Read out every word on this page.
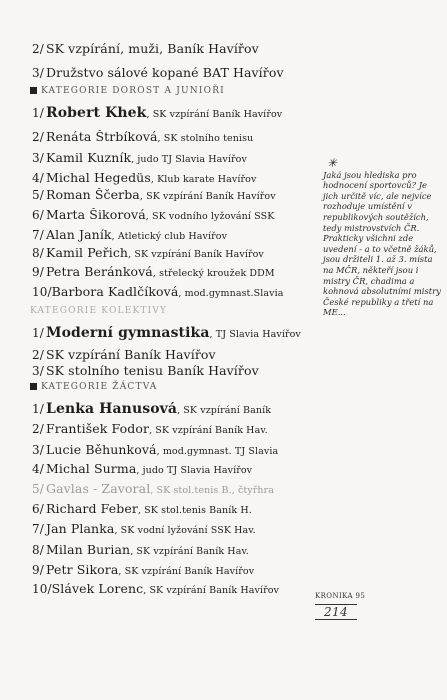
2/ SK vzpírání, muži, Baník Havířov
3/ Družstvo sálové kopané BAT Havířov
KATEGORIE DOROST A JUNIOŘI
1/ Robert Khek, SK vzpírání Baník Havířov
2/ Renáta Štrbíková, SK stolního tenisu
3/ Kamil Kuzník, judo TJ Slavia Havířov
4/ Michal Hegedüs, Klub karate Havířov
5/ Roman Ščerba, SK vzpírání Baník Havířov
6/ Marta Šikorová, SK vodního lyžování SSK
7/ Alan Janík, Atletický club Havířov
8/ Kamil Peřich, SK vzpírání Baník Havířov
9/ Petra Beránková, střelecký kroužek DDM
10/Barbora Kadlčíková, mod.gymnast.Slavia
KATEGORIE KOLEKTIVY
1/ Moderní gymnastika, TJ Slavia Havířov
2/ SK vzpírání Baník Havířov
3/ SK stolního tenisu Baník Havířov
KATEGORIE ŽÁCTVA
1/ Lenka Hanusová, SK vzpírání Baník
2/ František Fodor, SK vzpírání Baník Hav.
3/ Lucie Běhunková, mod.gymnast. TJ Slavia
4/ Michal Surma, judo TJ Slavia Havířov
5/ Gavlas - Zavoral, SK stol.tenis B., čtyřhra
6/ Richard Feber, SK stol.tenis Baník H.
7/ Jan Planka, SK vodní lyžování SSK Hav.
8/ Milan Burian, SK vzpírání Baník Hav.
9/ Petr Sikora, SK vzpírání Baník Havířov
10/Slávek Lorenc, SK vzpírání Baník Havířov
✳
Jaká jsou hlediska pro hodnocení sportovců? Je jich určitě víc, ale nejvíce rozhoduje umístění v republikových soutěžích, tedy mistrovstvích ČR. Prakticky všichni zde uvedení - a to včetně žáků, jsou držiteli 1. až 3. místa na MČR, někteří jsou i mistry ČR, chadima a kohnová absolutními mistry České republiky a třetí na ME...
KRONIKA 95
214
